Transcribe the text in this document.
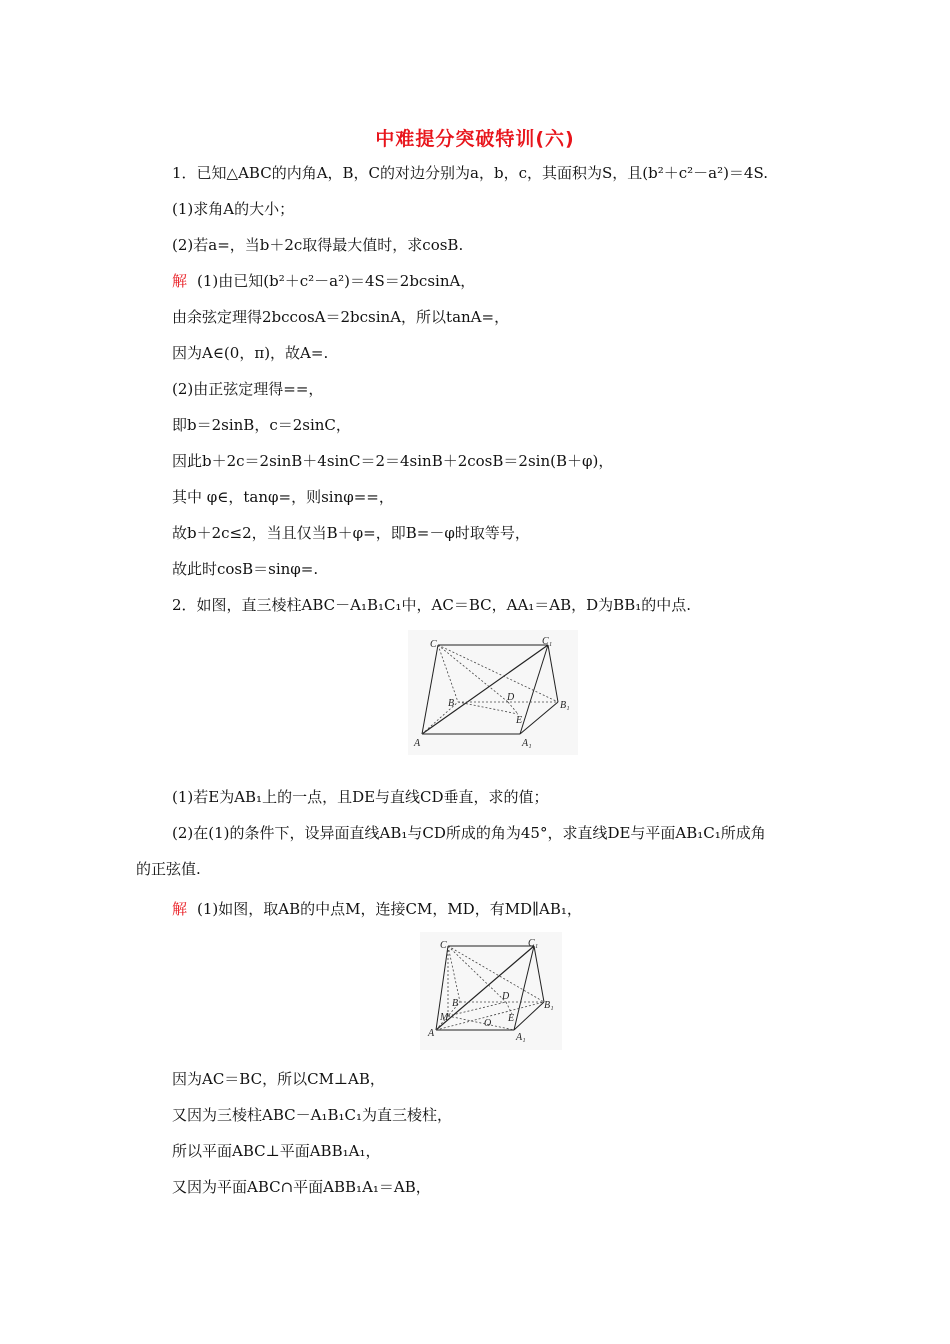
中难提分突破特训(六)
1．已知△ABC的内角A，B，C的对边分别为a，b，c，其面积为S，且(b²＋c²－a²)＝4S.
(1)求角A的大小；
(2)若a=，当b＋2c取得最大值时，求cosB.
解 (1)由已知(b²＋c²－a²)＝4S＝2bcsinA，
由余弦定理得2bccosA＝2bcsinA，所以tanA=，
因为A∈(0，π)，故A=.
(2)由正弦定理得==，
即b＝2sinB，c＝2sinC，
因此b＋2c＝2sinB＋4sinC＝2＝4sinB＋2cosB＝2sin(B＋φ)，
其中 φ∈，tanφ=，则sinφ==，
故b＋2c≤2，当且仅当B＋φ=，即B=－φ时取等号，
故此时cosB＝sinφ=.
2．如图，直三棱柱ABC－A₁B₁C₁中，AC＝BC，AA₁＝AB，D为BB₁的中点.
C	C₁
B
D
B₁
E
A	A₁
(1)若E为AB₁上的一点，且DE与直线CD垂直，求的值；
(2)在(1)的条件下，设异面直线AB₁与CD所成的角为45°，求直线DE与平面AB₁C₁所成角
的正弦值.
解 (1)如图，取AB的中点M，连接CM，MD，有MD∥AB₁，
C	C₁
B
D
B₁
M
O E
A	A₁
因为AC＝BC，所以CM⊥AB，
又因为三棱柱ABC－A₁B₁C₁为直三棱柱，
所以平面ABC⊥平面ABB₁A₁，
又因为平面ABC∩平面ABB₁A₁＝AB，
